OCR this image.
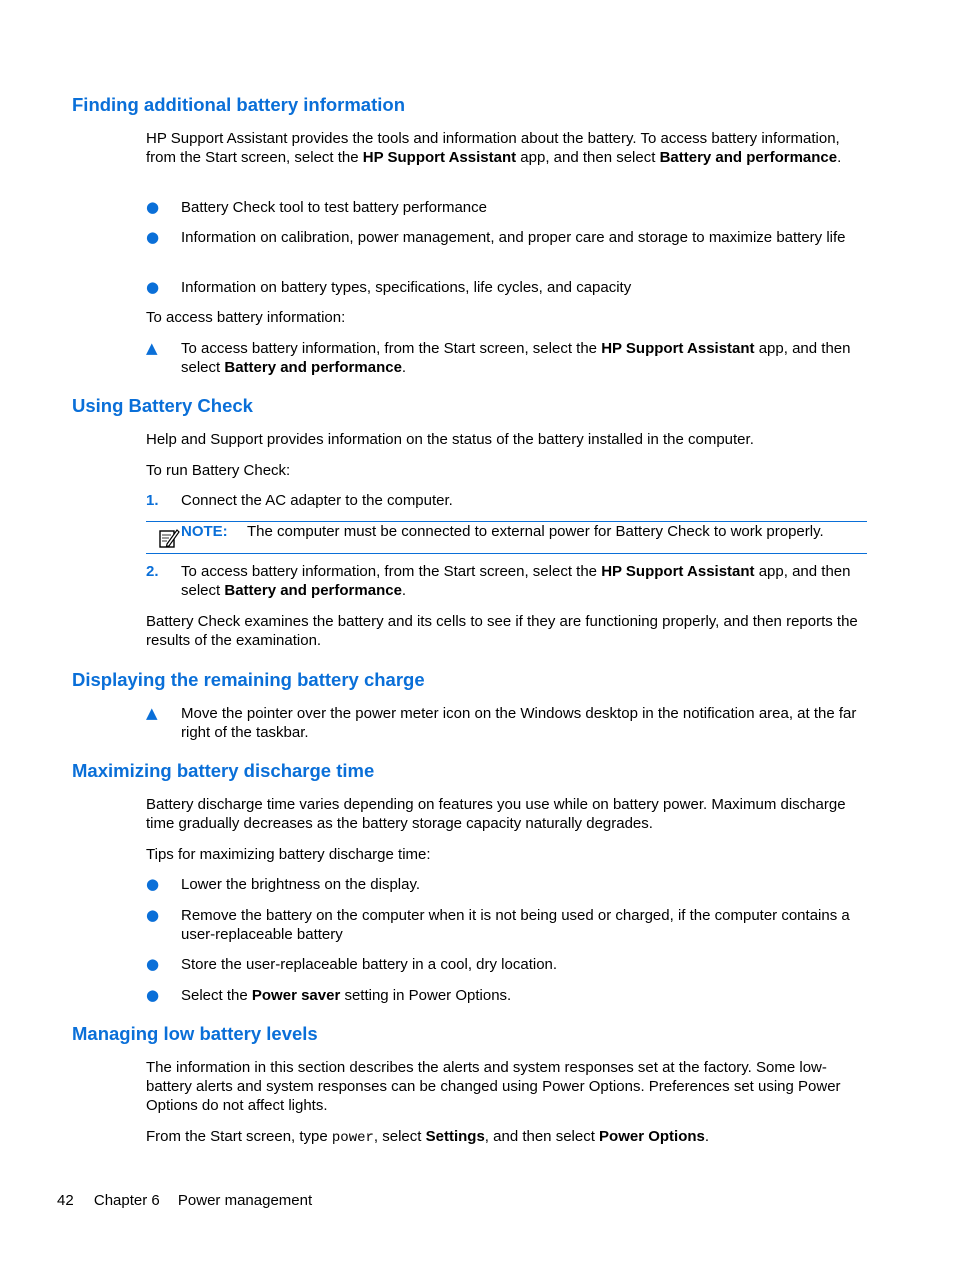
Finding additional battery information

HP Support Assistant provides the tools and information about the battery. To access battery information, from the Start screen, select the HP Support Assistant app, and then select Battery and performance.

● Battery Check tool to test battery performance
● Information on calibration, power management, and proper care and storage to maximize battery life
● Information on battery types, specifications, life cycles, and capacity

To access battery information:

▲ To access battery information, from the Start screen, select the HP Support Assistant app, and then select Battery and performance.
Using Battery Check

Help and Support provides information on the status of the battery installed in the computer.

To run Battery Check:

1. Connect the AC adapter to the computer.
NOTE: The computer must be connected to external power for Battery Check to work properly.
2. To access battery information, from the Start screen, select the HP Support Assistant app, and then select Battery and performance.

Battery Check examines the battery and its cells to see if they are functioning properly, and then reports the results of the examination.

Displaying the remaining battery charge
▲ Move the pointer over the power meter icon on the Windows desktop in the notification area, at the far right of the taskbar.
Maximizing battery discharge time

Battery discharge time varies depending on features you use while on battery power. Maximum discharge time gradually decreases as the battery storage capacity naturally degrades.

Tips for maximizing battery discharge time:

● Lower the brightness on the display.
● Remove the battery on the computer when it is not being used or charged, if the computer contains a user-replaceable battery
● Store the user-replaceable battery in a cool, dry location.
● Select the Power saver setting in Power Options.
Managing low battery levels

The information in this section describes the alerts and system responses set at the factory. Some low-battery alerts and system responses can be changed using Power Options. Preferences set using Power Options do not affect lights.

From the Start screen, type power, select Settings, and then select Power Options.

42 Chapter 6 Power management
